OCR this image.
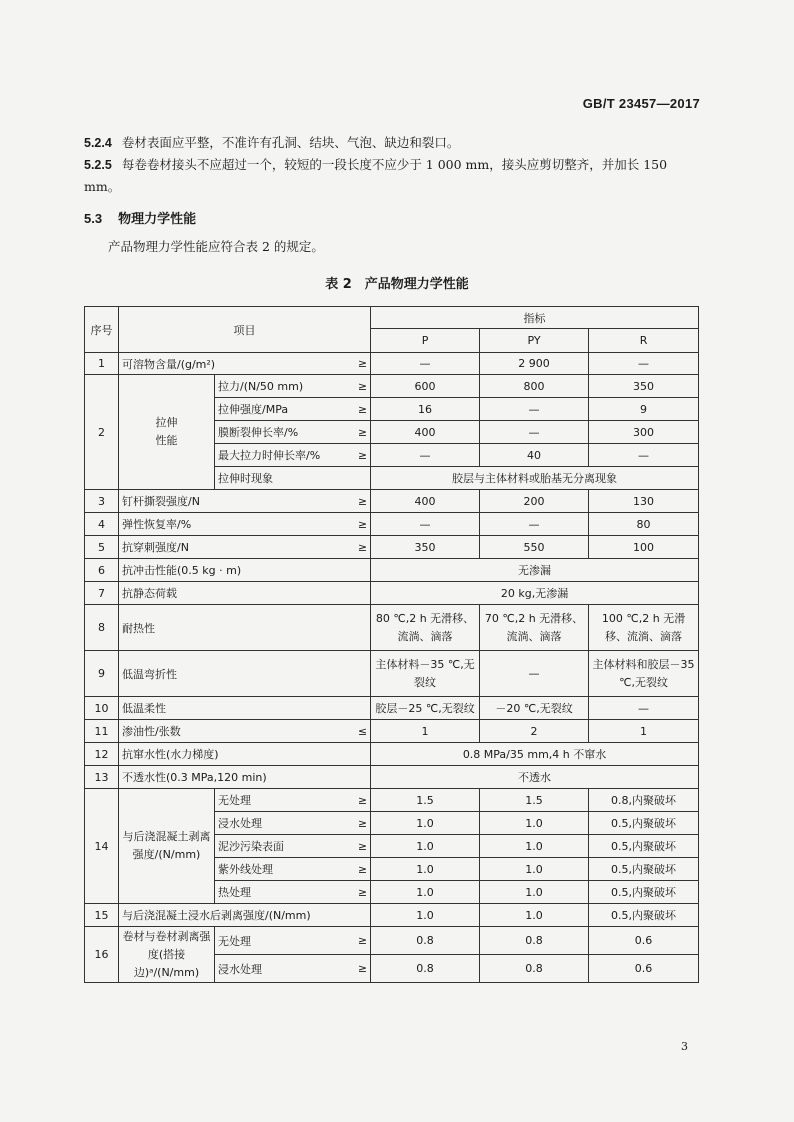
GB/T 23457—2017
5.2.4 卷材表面应平整，不准许有孔洞、结块、气泡、缺边和裂口。
5.2.5 每卷卷材接头不应超过一个，较短的一段长度不应少于 1 000 mm，接头应剪切整齐，并加长 150 mm。
5.3 物理力学性能
产品物理力学性能应符合表 2 的规定。
表 2　产品物理力学性能
序号	项目			指标		
				P	PY	R
1	可溶物含量/(g/m²)		≥	—	2 900	—
2	拉伸性能	拉力/(N/50 mm)	≥	600	800	350
		拉伸强度/MPa	≥	16	—	9
		膜断裂伸长率/%	≥	400	—	300
		最大拉力时伸长率/%	≥	—	40	—
		拉伸时现象		胶层与主体材料或胎基无分离现象		
3	钉杆撕裂强度/N		≥	400	200	130
4	弹性恢复率/%		≥	—	—	80
5	抗穿刺强度/N		≥	350	550	100
6	抗冲击性能(0.5 kg · m)			无渗漏		
7	抗静态荷载			20 kg,无渗漏		
8	耐热性			80 ℃,2 h 无滑移、流淌、滴落	70 ℃,2 h 无滑移、流淌、滴落	100 ℃,2 h 无滑移、流淌、滴落
9	低温弯折性			主体材料－35 ℃,无裂纹	—	主体材料和胶层－35 ℃,无裂纹
10	低温柔性			胶层－25 ℃,无裂纹	－20 ℃,无裂纹	—
11	渗油性/张数		≤	1	2	1
12	抗窜水性(水力梯度)			0.8 MPa/35 mm,4 h 不窜水		
13	不透水性(0.3 MPa,120 min)			不透水		
14	与后浇混凝土剥离强度/(N/mm)	无处理	≥	1.5	1.5	0.8,内聚破坏
		浸水处理	≥	1.0	1.0	0.5,内聚破坏
		泥沙污染表面	≥	1.0	1.0	0.5,内聚破坏
		紫外线处理	≥	1.0	1.0	0.5,内聚破坏
		热处理	≥	1.0	1.0	0.5,内聚破坏
15	与后浇混凝土浸水后剥离强度/(N/mm)			1.0	1.0	0.5,内聚破坏
16	卷材与卷材剥离强度(搭接边)ᵃ/(N/mm)	无处理	≥	0.8	0.8	0.6
		浸水处理	≥	0.8	0.8	0.6
3
